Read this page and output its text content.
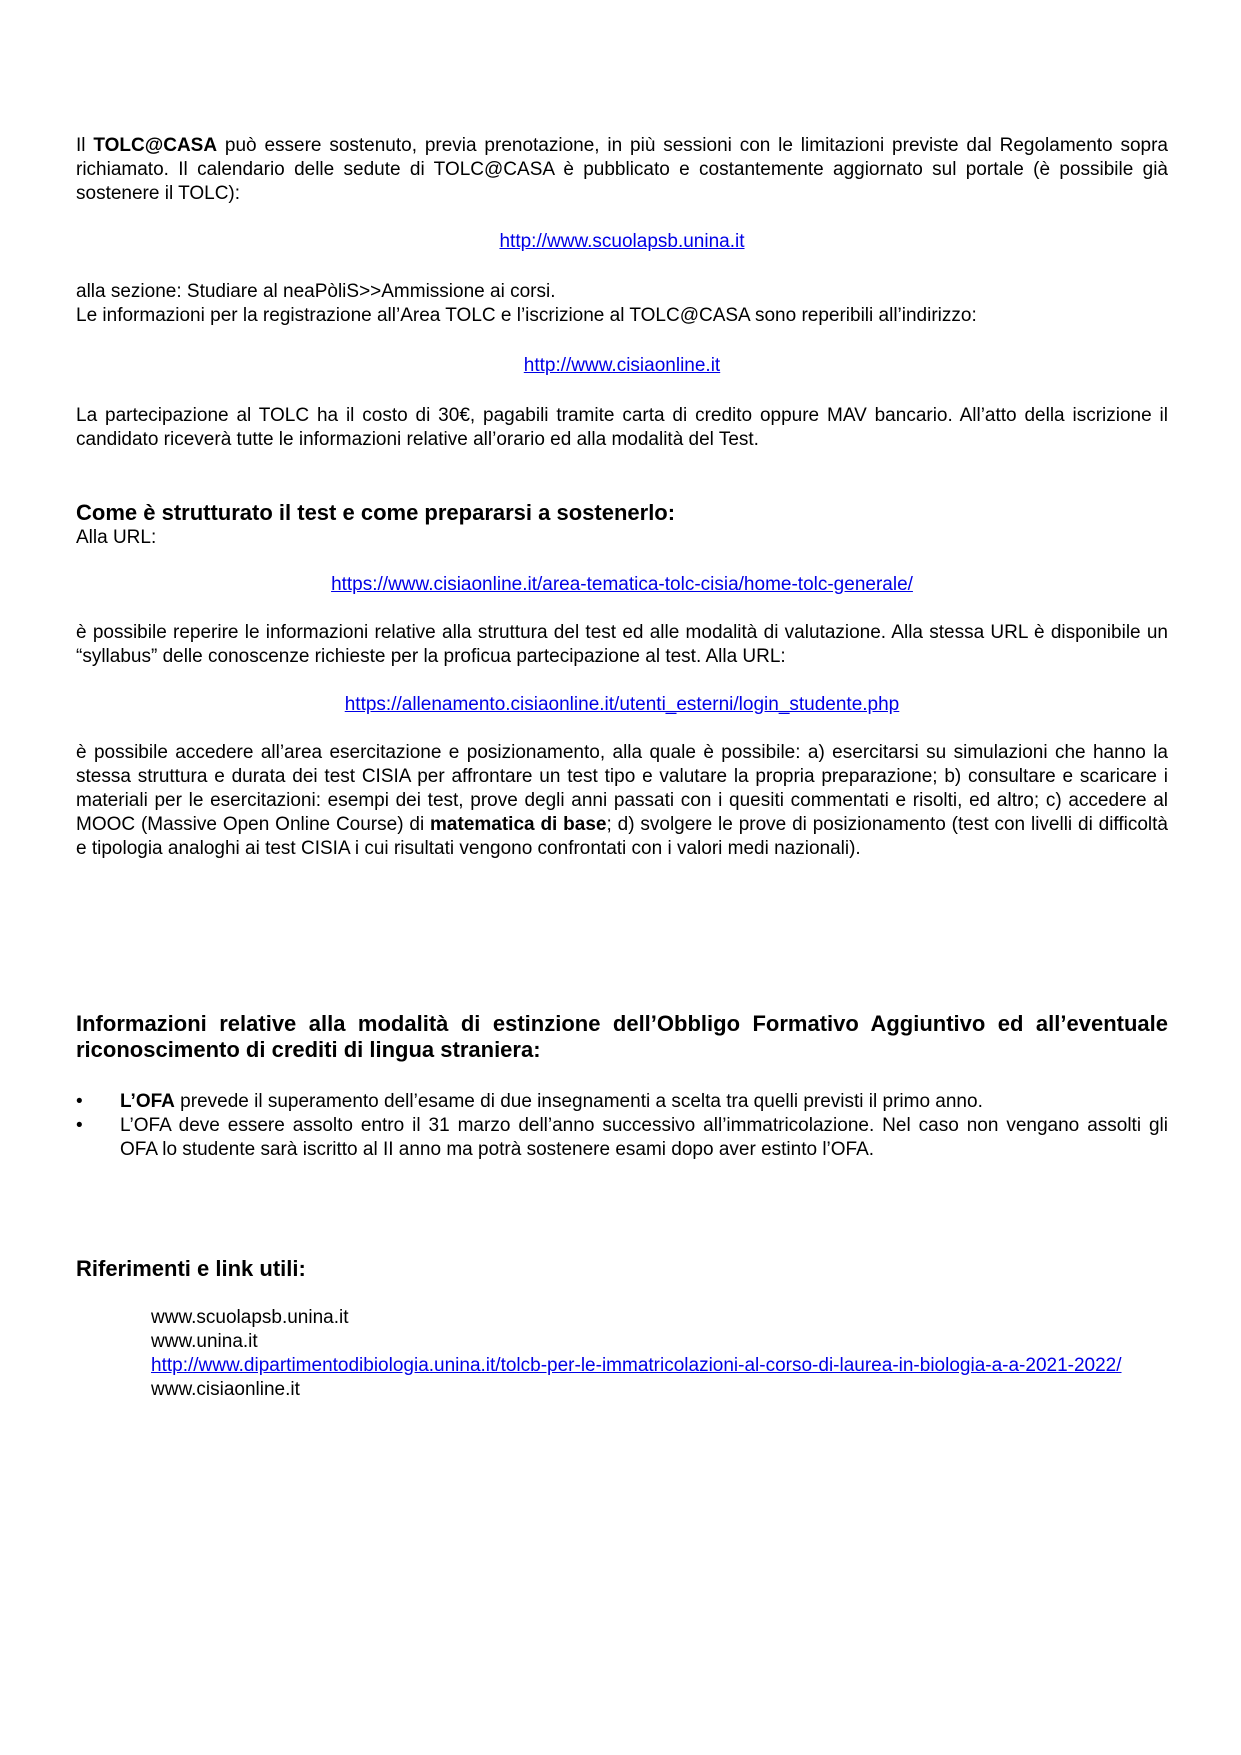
Il TOLC@CASA può essere sostenuto, previa prenotazione, in più sessioni con le limitazioni previste dal Regolamento sopra richiamato. Il calendario delle sedute di TOLC@CASA è pubblicato e costantemente aggiornato sul portale (è possibile già sostenere il TOLC):
http://www.scuolapsb.unina.it
alla sezione: Studiare al neaPòliS>>Ammissione ai corsi.
Le informazioni per la registrazione all’Area TOLC e l’iscrizione al TOLC@CASA sono reperibili all’indirizzo:
http://www.cisiaonline.it
La partecipazione al TOLC ha il costo di 30€, pagabili tramite carta di credito oppure MAV bancario. All’atto della iscrizione il candidato riceverà tutte le informazioni relative all’orario ed alla modalità del Test.
Come è strutturato il test e come prepararsi a sostenerlo:
Alla URL:
https://www.cisiaonline.it/area-tematica-tolc-cisia/home-tolc-generale/
è possibile reperire le informazioni relative alla struttura del test ed alle modalità di valutazione. Alla stessa URL è disponibile un “syllabus” delle conoscenze richieste per la proficua partecipazione al test. Alla URL:
https://allenamento.cisiaonline.it/utenti_esterni/login_studente.php
è possibile accedere all’area esercitazione e posizionamento, alla quale è possibile: a) esercitarsi su simulazioni che hanno la stessa struttura e durata dei test CISIA per affrontare un test tipo e valutare la propria preparazione; b) consultare e scaricare i materiali per le esercitazioni: esempi dei test, prove degli anni passati con i quesiti commentati e risolti, ed altro; c) accedere al MOOC (Massive Open Online Course) di matematica di base; d) svolgere le prove di posizionamento (test con livelli di difficoltà e tipologia analoghi ai test CISIA i cui risultati vengono confrontati con i valori medi nazionali).
Informazioni relative alla modalità di estinzione dell’Obbligo Formativo Aggiuntivo ed all’eventuale riconoscimento di crediti di lingua straniera:
• L’OFA prevede il superamento dell’esame di due insegnamenti a scelta tra quelli previsti il primo anno.
• L’OFA deve essere assolto entro il 31 marzo dell’anno successivo all’immatricolazione. Nel caso non vengano assolti gli OFA lo studente sarà iscritto al II anno ma potrà sostenere esami dopo aver estinto l’OFA.
Riferimenti e link utili:
www.scuolapsb.unina.it
www.unina.it
http://www.dipartimentodibiologia.unina.it/tolcb-per-le-immatricolazioni-al-corso-di-laurea-in-biologia-a-a-2021-2022/
www.cisiaonline.it
